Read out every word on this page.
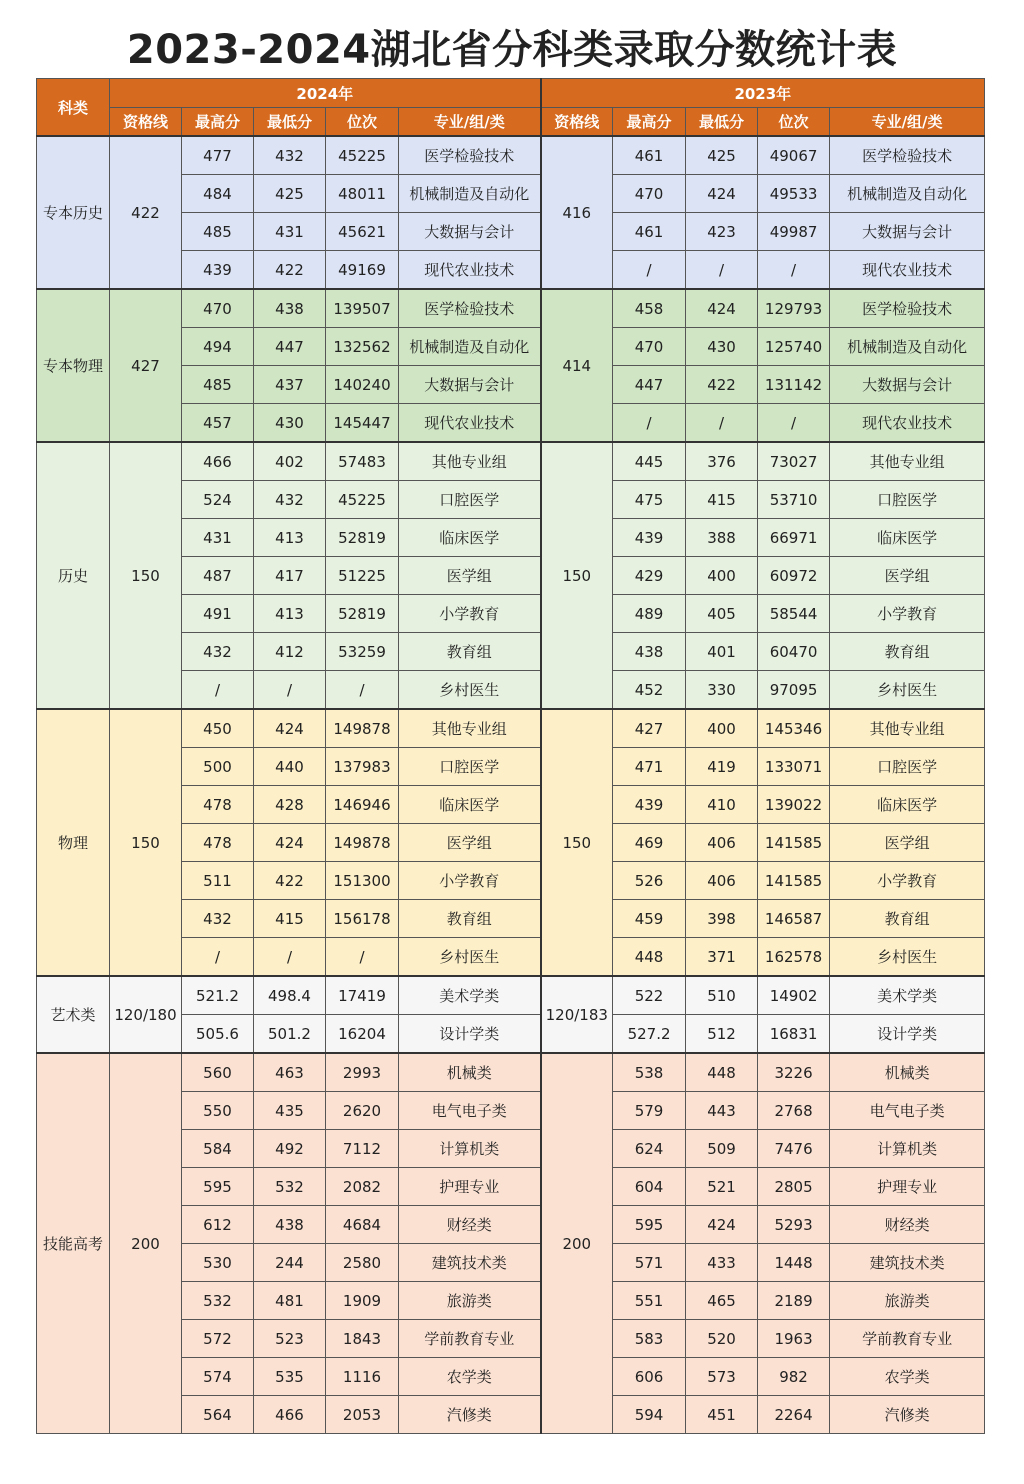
2023-2024湖北省分科类录取分数统计表
科类	2024年					2023年				
	资格线	最高分	最低分	位次	专业/组/类	资格线	最高分	最低分	位次	专业/组/类
专本历史	422	477	432	45225	医学检验技术	416	461	425	49067	医学检验技术
		484	425	48011	机械制造及自动化		470	424	49533	机械制造及自动化
		485	431	45621	大数据与会计		461	423	49987	大数据与会计
		439	422	49169	现代农业技术		/	/	/	现代农业技术
专本物理	427	470	438	139507	医学检验技术	414	458	424	129793	医学检验技术
		494	447	132562	机械制造及自动化		470	430	125740	机械制造及自动化
		485	437	140240	大数据与会计		447	422	131142	大数据与会计
		457	430	145447	现代农业技术		/	/	/	现代农业技术
历史	150	466	402	57483	其他专业组	150	445	376	73027	其他专业组
		524	432	45225	口腔医学		475	415	53710	口腔医学
		431	413	52819	临床医学		439	388	66971	临床医学
		487	417	51225	医学组		429	400	60972	医学组
		491	413	52819	小学教育		489	405	58544	小学教育
		432	412	53259	教育组		438	401	60470	教育组
		/	/	/	乡村医生		452	330	97095	乡村医生
物理	150	450	424	149878	其他专业组	150	427	400	145346	其他专业组
		500	440	137983	口腔医学		471	419	133071	口腔医学
		478	428	146946	临床医学		439	410	139022	临床医学
		478	424	149878	医学组		469	406	141585	医学组
		511	422	151300	小学教育		526	406	141585	小学教育
		432	415	156178	教育组		459	398	146587	教育组
		/	/	/	乡村医生		448	371	162578	乡村医生
艺术类	120/180	521.2	498.4	17419	美术学类	120/183	522	510	14902	美术学类
		505.6	501.2	16204	设计学类		527.2	512	16831	设计学类
技能高考	200	560	463	2993	机械类	200	538	448	3226	机械类
		550	435	2620	电气电子类		579	443	2768	电气电子类
		584	492	7112	计算机类		624	509	7476	计算机类
		595	532	2082	护理专业		604	521	2805	护理专业
		612	438	4684	财经类		595	424	5293	财经类
		530	244	2580	建筑技术类		571	433	1448	建筑技术类
		532	481	1909	旅游类		551	465	2189	旅游类
		572	523	1843	学前教育专业		583	520	1963	学前教育专业
		574	535	1116	农学类		606	573	982	农学类
		564	466	2053	汽修类		594	451	2264	汽修类
